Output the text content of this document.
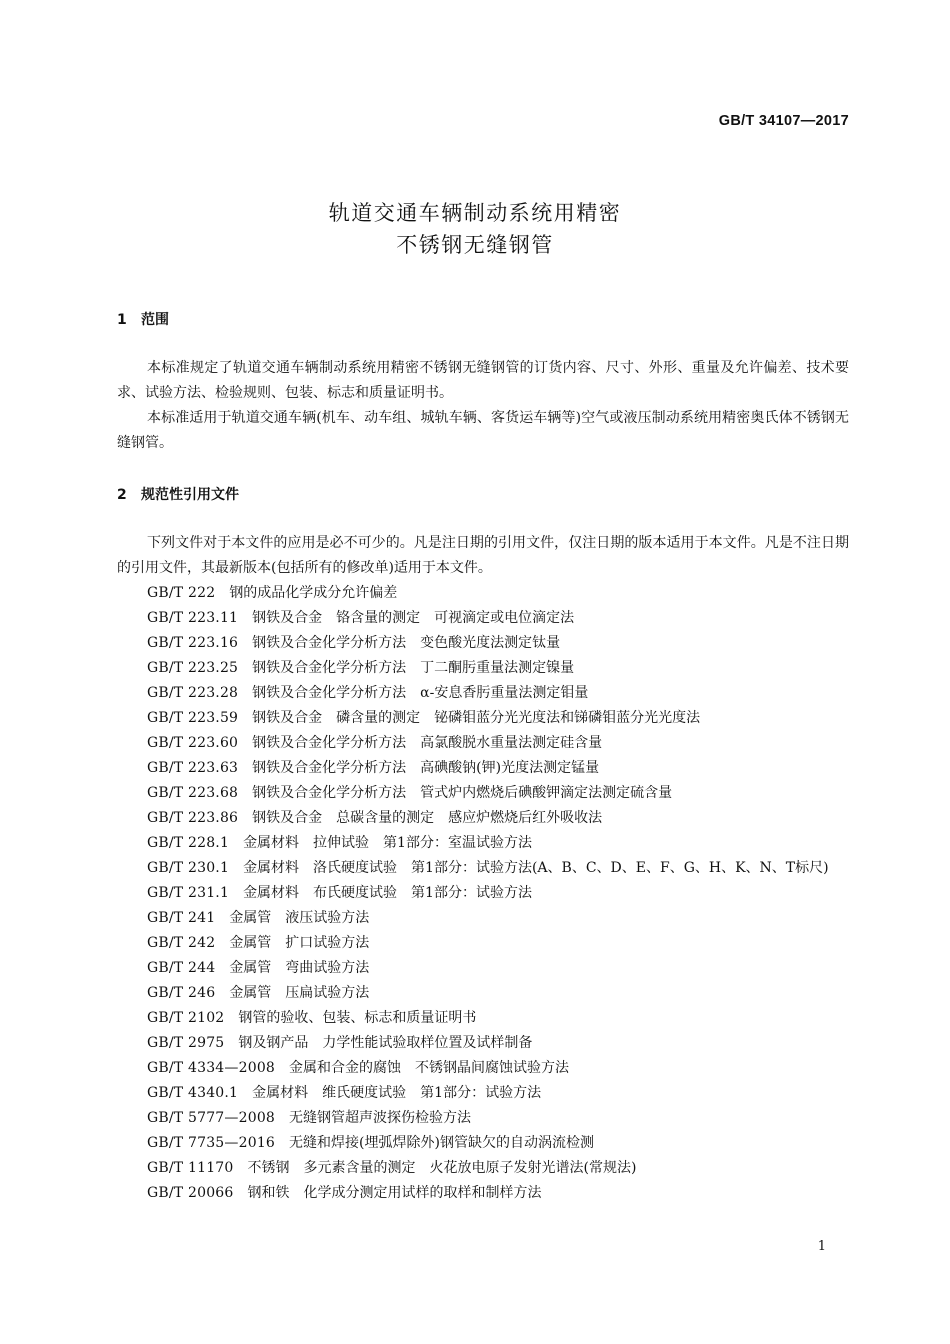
GB/T 34107—2017
轨道交通车辆制动系统用精密
不锈钢无缝钢管
1 范围

本标准规定了轨道交通车辆制动系统用精密不锈钢无缝钢管的订货内容、尺寸、外形、重量及允许偏差、技术要求、试验方法、检验规则、包装、标志和质量证明书。

本标准适用于轨道交通车辆(机车、动车组、城轨车辆、客货运车辆等)空气或液压制动系统用精密奥氏体不锈钢无缝钢管。

2 规范性引用文件

下列文件对于本文件的应用是必不可少的。凡是注日期的引用文件，仅注日期的版本适用于本文件。凡是不注日期的引用文件，其最新版本(包括所有的修改单)适用于本文件。

GB/T 222 钢的成品化学成分允许偏差
GB/T 223.11 钢铁及合金　铬含量的测定　可视滴定或电位滴定法
GB/T 223.16 钢铁及合金化学分析方法　变色酸光度法测定钛量
GB/T 223.25 钢铁及合金化学分析方法　丁二酮肟重量法测定镍量
GB/T 223.28 钢铁及合金化学分析方法　α-安息香肟重量法测定钼量
GB/T 223.59 钢铁及合金　磷含量的测定　铋磷钼蓝分光光度法和锑磷钼蓝分光光度法
GB/T 223.60 钢铁及合金化学分析方法　高氯酸脱水重量法测定硅含量
GB/T 223.63 钢铁及合金化学分析方法　高碘酸钠(钾)光度法测定锰量
GB/T 223.68 钢铁及合金化学分析方法　管式炉内燃烧后碘酸钾滴定法测定硫含量
GB/T 223.86 钢铁及合金　总碳含量的测定　感应炉燃烧后红外吸收法
GB/T 228.1 金属材料　拉伸试验　第1部分：室温试验方法
GB/T 230.1 金属材料　洛氏硬度试验　第1部分：试验方法(A、B、C、D、E、F、G、H、K、N、T标尺)
GB/T 231.1 金属材料　布氏硬度试验　第1部分：试验方法
GB/T 241 金属管　液压试验方法
GB/T 242 金属管　扩口试验方法
GB/T 244 金属管　弯曲试验方法
GB/T 246 金属管　压扁试验方法
GB/T 2102 钢管的验收、包装、标志和质量证明书
GB/T 2975 钢及钢产品　力学性能试验取样位置及试样制备
GB/T 4334—2008 金属和合金的腐蚀　不锈钢晶间腐蚀试验方法
GB/T 4340.1 金属材料　维氏硬度试验　第1部分：试验方法
GB/T 5777—2008 无缝钢管超声波探伤检验方法
GB/T 7735—2016 无缝和焊接(埋弧焊除外)钢管缺欠的自动涡流检测
GB/T 11170 不锈钢　多元素含量的测定　火花放电原子发射光谱法(常规法)
GB/T 20066 钢和铁　化学成分测定用试样的取样和制样方法
1
